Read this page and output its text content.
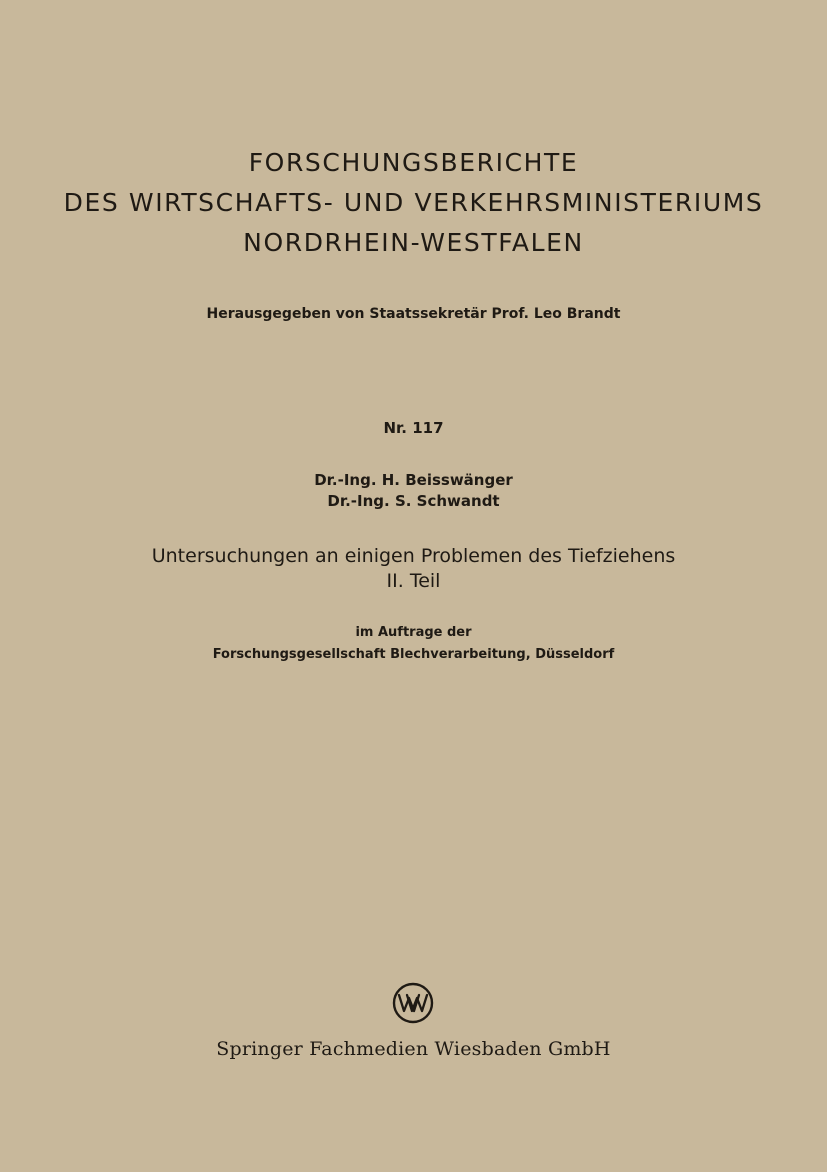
FORSCHUNGSBERICHTE
DES WIRTSCHAFTS- UND VERKEHRSMINISTERIUMS
NORDRHEIN-WESTFALEN
Herausgegeben von Staatssekretär Prof. Leo Brandt
Nr. 117
Dr.-Ing. H. Beisswänger
Dr.-Ing. S. Schwandt
Untersuchungen an einigen Problemen des Tiefziehens
II. Teil
im Auftrage der
Forschungsgesellschaft Blechverarbeitung, Düsseldorf
Springer Fachmedien Wiesbaden GmbH
